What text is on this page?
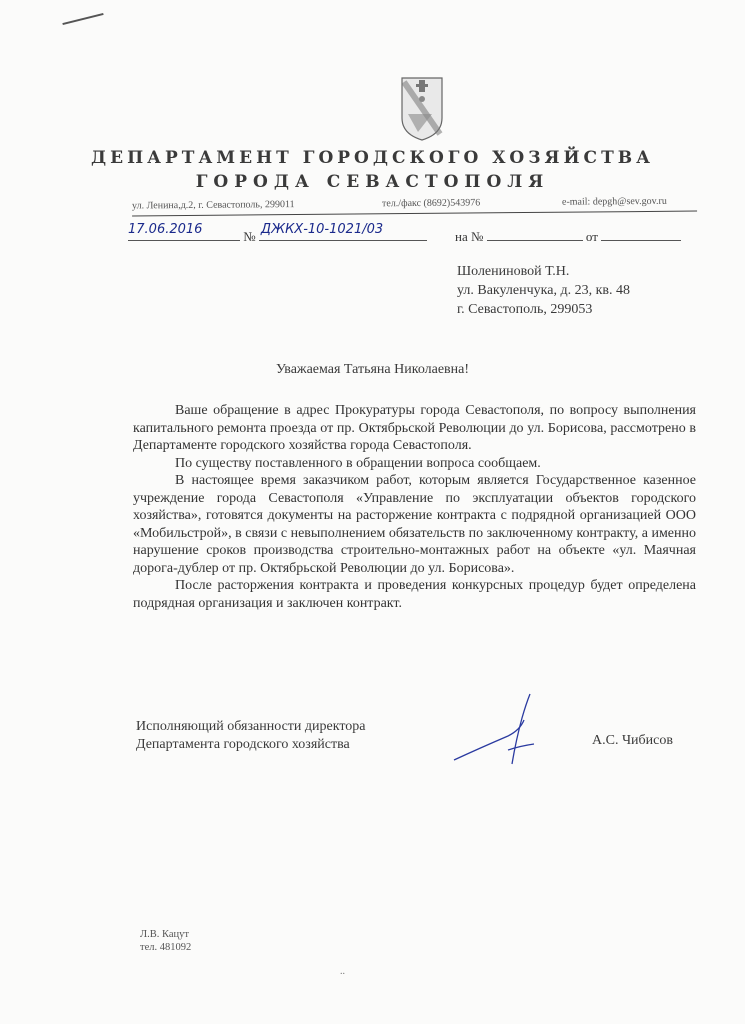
ДЕПАРТАМЕНТ ГОРОДСКОГО ХОЗЯЙСТВА
ГОРОДА СЕВАСТОПОЛЯ
ул. Ленина,д.2, г. Севастополь, 299011	тел./факс (8692)543976	e-mail: depgh@sev.gov.ru
17.06.2016	№ ДЖКХ-10-1021/03	на №	от
Шолениновой Т.Н.
ул. Вакуленчука, д. 23, кв. 48
г. Севастополь, 299053
Уважаемая Татьяна Николаевна!

Ваше обращение в адрес Прокуратуры города Севастополя, по вопросу выполнения капитального ремонта проезда от пр. Октябрьской Революции до ул. Борисова, рассмотрено в Департаменте городского хозяйства города Севастополя.

По существу поставленного в обращении вопроса сообщаем.

В настоящее время заказчиком работ, которым является Государственное казенное учреждение города Севастополя «Управление по эксплуатации объектов городского хозяйства», готовятся документы на расторжение контракта с подрядной организацией ООО «Мобильстрой», в связи с невыполнением обязательств по заключенному контракту, а именно нарушение сроков производства строительно-монтажных работ на объекте «ул. Маячная дорога-дублер от пр. Октябрьской Революции до ул. Борисова».

После расторжения контракта и проведения конкурсных процедур будет определена подрядная организация и заключен контракт.

Исполняющий обязанности директора
Департамента городского хозяйства	А.С. Чибисов
Л.В. Кацут
тел. 481092
..
